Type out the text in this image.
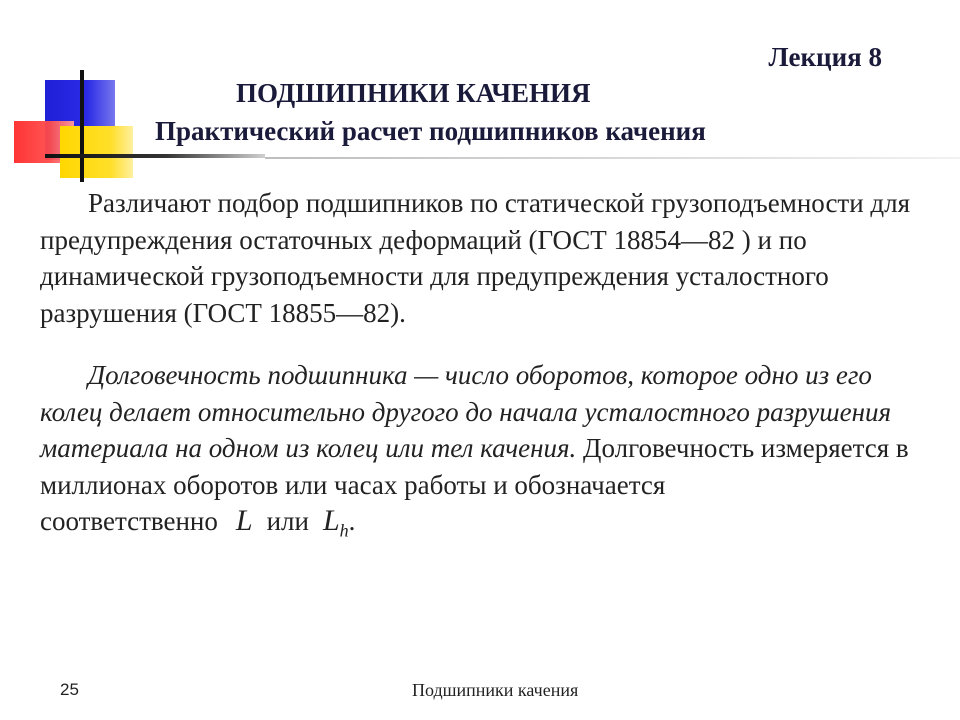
Лекция 8
ПОДШИПНИКИ КАЧЕНИЯ
Практический расчет подшипников качения
Различают подбор подшипников по статической грузоподъемности для предупреждения остаточных деформаций (ГОСТ 18854—82 ) и по динамической грузоподъемности для предупреждения усталостного разрушения (ГОСТ 18855—82).
Долговечность подшипника — число оборотов, которое одно из его колец делает относительно другого до начала усталостного разрушения материала на одном из колец или тел качения. Долговечность измеряется в миллионах оборотов или часах работы и обозначается соответственно L или $L_h$.
25	Подшипники качения
